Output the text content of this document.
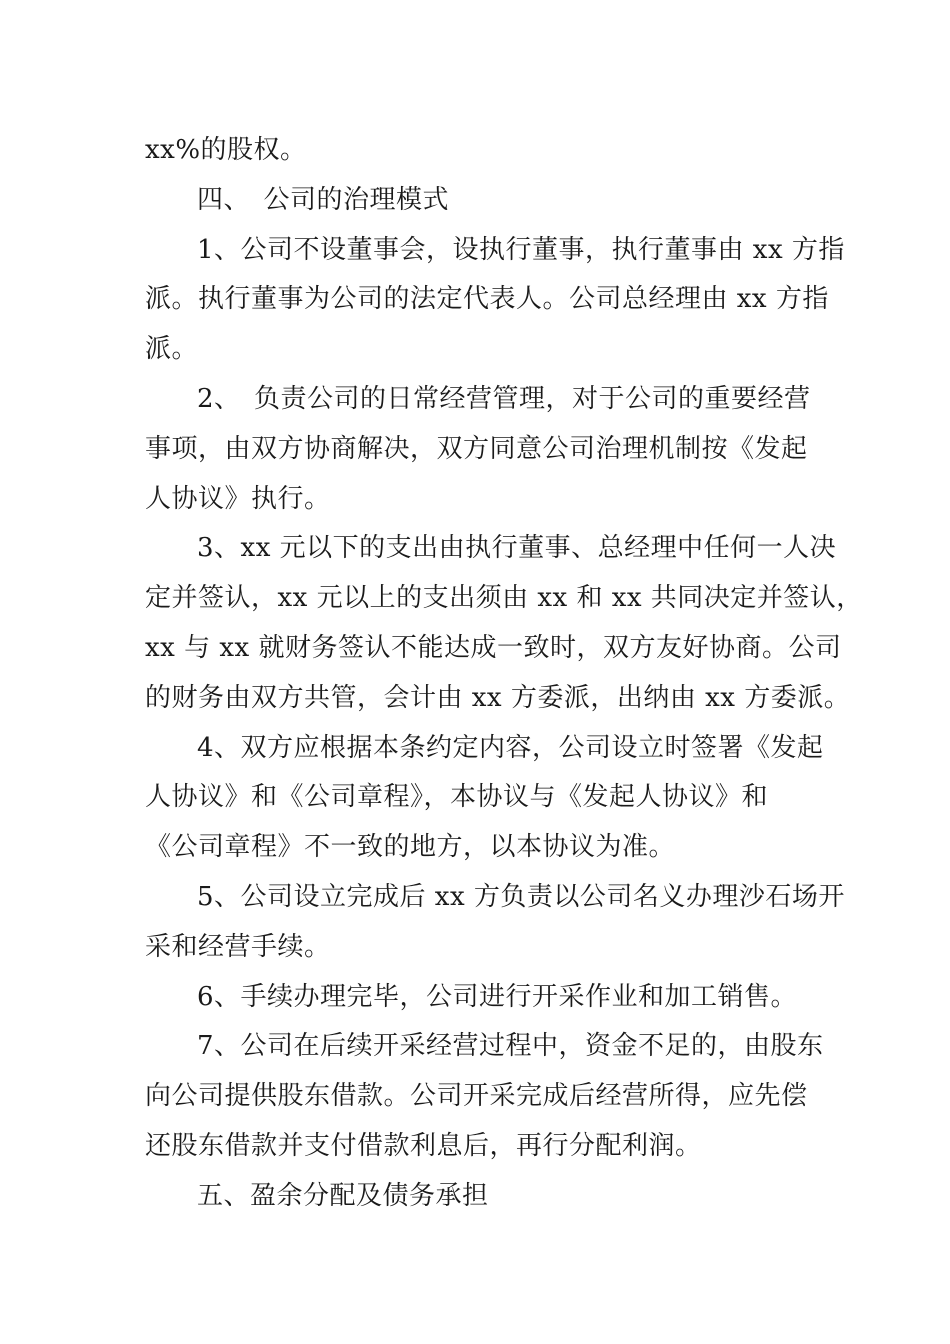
xx%的股权。
四、　公司的治理模式
1、公司不设董事会，设执行董事，执行董事由 xx 方指
派。执行董事为公司的法定代表人。公司总经理由 xx 方指
派。
2、　负责公司的日常经营管理，对于公司的重要经营
事项，由双方协商解决，双方同意公司治理机制按《发起
人协议》执行。
3、xx 元以下的支出由执行董事、总经理中任何一人决
定并签认，xx 元以上的支出须由 xx 和 xx 共同决定并签认，
xx 与 xx 就财务签认不能达成一致时，双方友好协商。公司
的财务由双方共管，会计由 xx 方委派，出纳由 xx 方委派。
4、双方应根据本条约定内容，公司设立时签署《发起
人协议》和《公司章程》，本协议与《发起人协议》和
《公司章程》不一致的地方，以本协议为准。
5、公司设立完成后 xx 方负责以公司名义办理沙石场开
采和经营手续。
6、手续办理完毕，公司进行开采作业和加工销售。
7、公司在后续开采经营过程中，资金不足的，由股东
向公司提供股东借款。公司开采完成后经营所得，应先偿
还股东借款并支付借款利息后，再行分配利润。
五、盈余分配及债务承担
